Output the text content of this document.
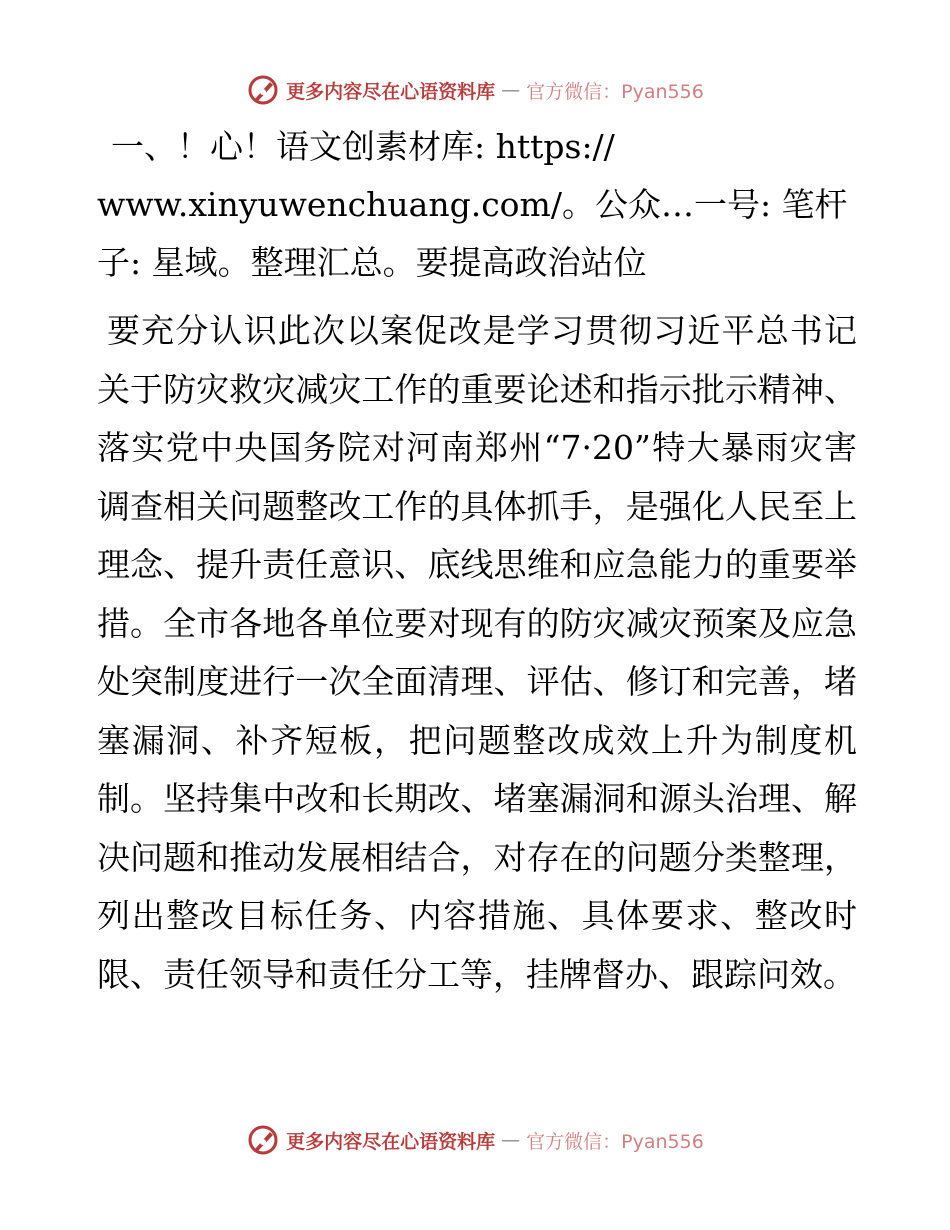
更多内容尽在心语资料库 — 官方微信：Pyan556
一、！心！语文创素材库: https://
www.xinyuwenchuang.com/。公众…一号: 笔杆子: 星域。整理汇总。要提高政治站位

要充分认识此次以案促改是学习贯彻习近平总书记关于防灾救灾减灾工作的重要论述和指示批示精神、落实党中央国务院对河南郑州“7·20”特大暴雨灾害调查相关问题整改工作的具体抓手，是强化人民至上理念、提升责任意识、底线思维和应急能力的重要举措。全市各地各单位要对现有的防灾减灾预案及应急处突制度进行一次全面清理、评估、修订和完善，堵塞漏洞、补齐短板，把问题整改成效上升为制度机制。坚持集中改和长期改、堵塞漏洞和源头治理、解决问题和推动发展相结合，对存在的问题分类整理，列出整改目标任务、内容措施、具体要求、整改时限、责任领导和责任分工等，挂牌督办、跟踪问效。

更多内容尽在心语资料库 — 官方微信：Pyan556
